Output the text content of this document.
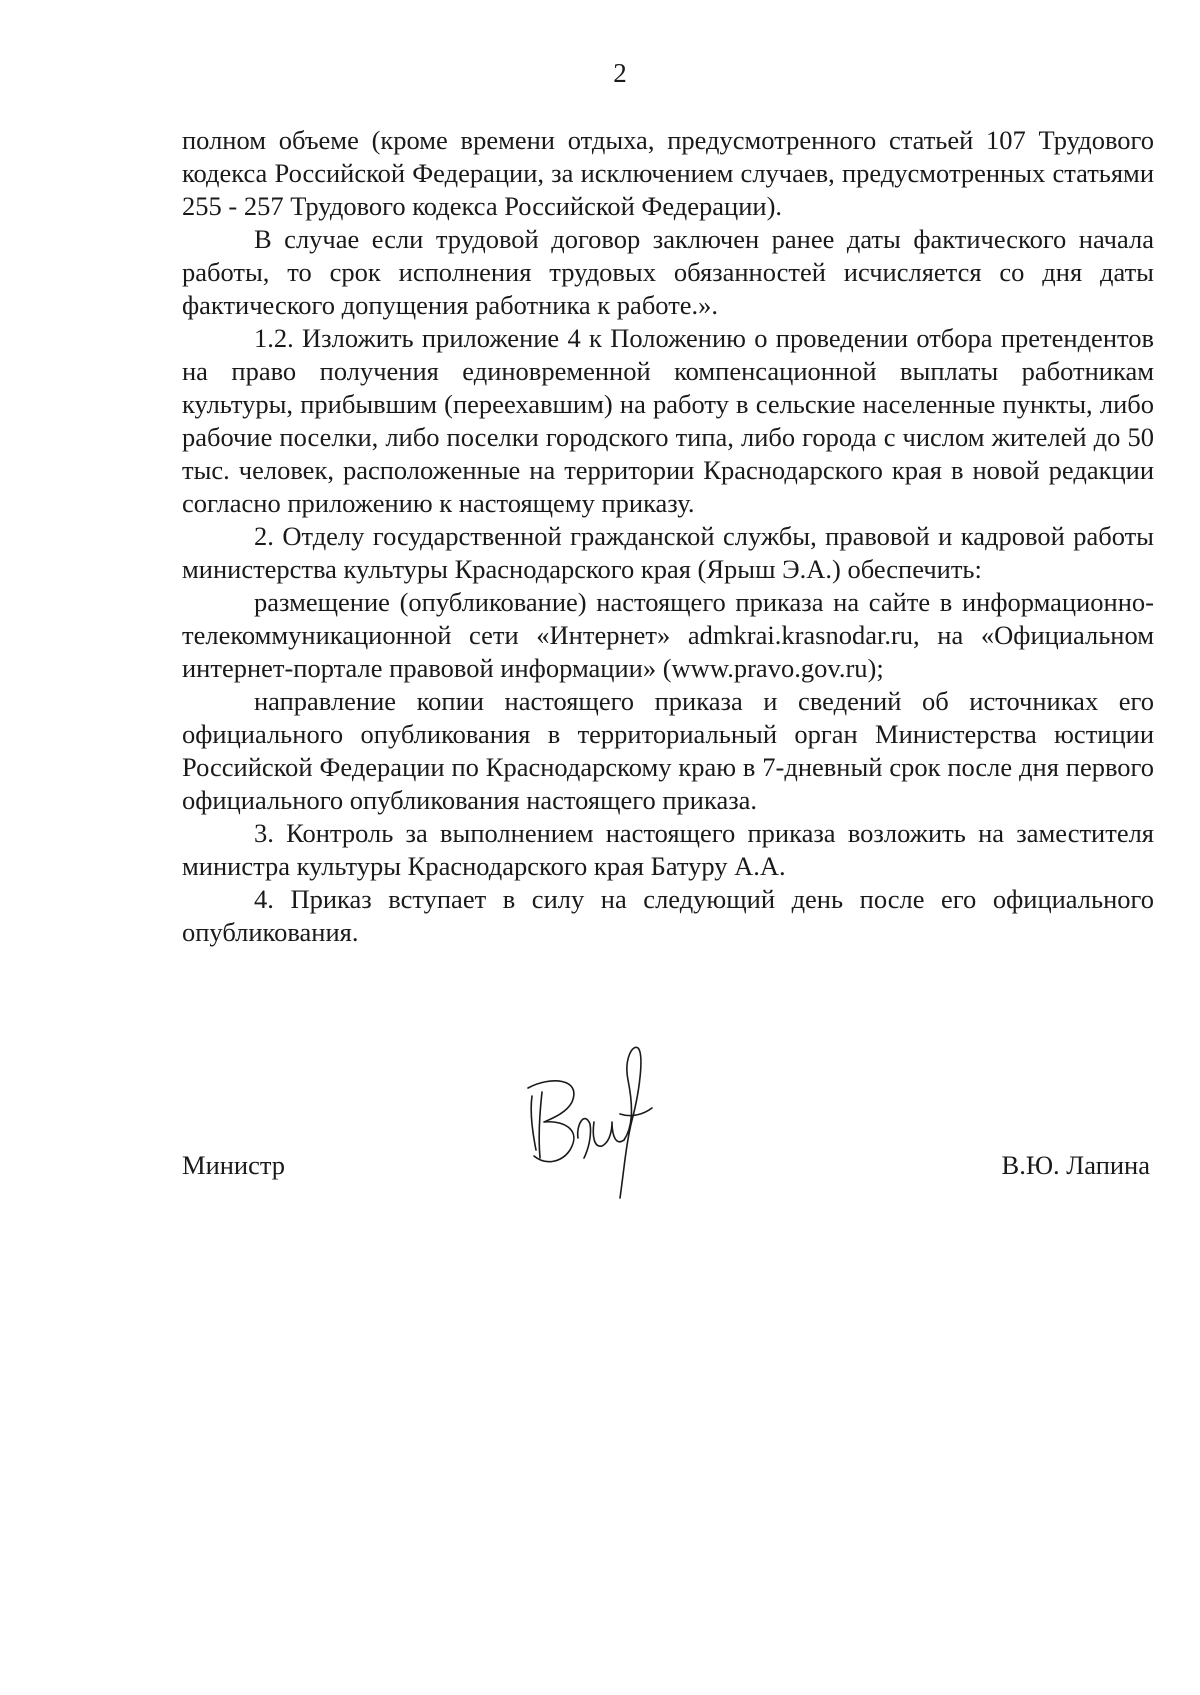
2

полном объеме (кроме времени отдыха, предусмотренного статьей 107 Трудового кодекса Российской Федерации, за исключением случаев, предусмотренных статьями 255 - 257 Трудового кодекса Российской Федерации).

В случае если трудовой договор заключен ранее даты фактического начала работы, то срок исполнения трудовых обязанностей исчисляется со дня даты фактического допущения работника к работе.».

1.2. Изложить приложение 4 к Положению о проведении отбора претендентов на право получения единовременной компенсационной выплаты работникам культуры, прибывшим (переехавшим) на работу в сельские населенные пункты, либо рабочие поселки, либо поселки городского типа, либо города с числом жителей до 50 тыс. человек, расположенные на территории Краснодарского края в новой редакции согласно приложению к настоящему приказу.

2. Отделу государственной гражданской службы, правовой и кадровой работы министерства культуры Краснодарского края (Ярыш Э.А.) обеспечить:

размещение (опубликование) настоящего приказа на сайте в информационно-телекоммуникационной сети «Интернет» admkrai.krasnodar.ru, на «Официальном интернет-портале правовой информации» (www.pravo.gov.ru);

направление копии настоящего приказа и сведений об источниках его официального опубликования в территориальный орган Министерства юстиции Российской Федерации по Краснодарскому краю в 7-дневный срок после дня первого официального опубликования настоящего приказа.

3. Контроль за выполнением настоящего приказа возложить на заместителя министра культуры Краснодарского края Батуру А.А.

4. Приказ вступает в силу на следующий день после его официального опубликования.

Министр	В.Ю. Лапина
